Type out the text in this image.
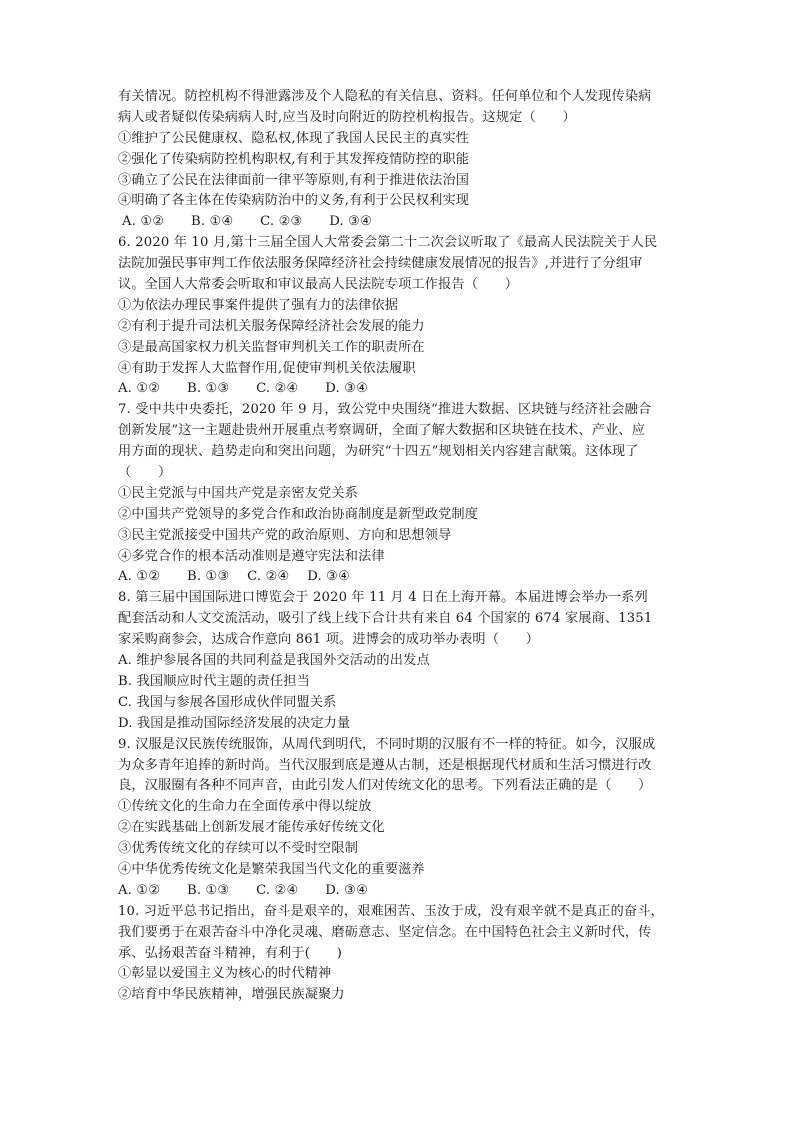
有关情况。防控机构不得泄露涉及个人隐私的有关信息、资料。任何单位和个人发现传染病
病人或者疑似传染病病人时,应当及时向附近的防控机构报告。这规定（　　）
①维护了公民健康权、隐私权,体现了我国人民民主的真实性
②强化了传染病防控机构职权,有利于其发挥疫情防控的职能
③确立了公民在法律面前一律平等原则,有利于推进依法治国
④明确了各主体在传染病防治中的义务,有利于公民权利实现
A. ①②　　B. ①④　　C. ②③　　D. ③④
6. 2020 年 10 月,第十三届全国人大常委会第二十二次会议听取了《最高人民法院关于人民
法院加强民事审判工作依法服务保障经济社会持续健康发展情况的报告》,并进行了分组审
议。全国人大常委会听取和审议最高人民法院专项工作报告（　　）
①为依法办理民事案件提供了强有力的法律依据
②有利于提升司法机关服务保障经济社会发展的能力
③是最高国家权力机关监督审判机关工作的职责所在
④有助于发挥人大监督作用,促使审判机关依法履职
A. ①②　　B. ①③　　C. ②④　　D. ③④
7. 受中共中央委托，2020 年 9 月，致公党中央围绕“推进大数据、区块链与经济社会融合
创新发展”这一主题赴贵州开展重点考察调研，全面了解大数据和区块链在技术、产业、应
用方面的现状、趋势走向和突出问题，为研究“十四五”规划相关内容建言献策。这体现了
（　　）
①民主党派与中国共产党是亲密友党关系
②中国共产党领导的多党合作和政治协商制度是新型政党制度
③民主党派接受中国共产党的政治原则、方向和思想领导
④多党合作的根本活动准则是遵守宪法和法律
A. ①②　　B. ①③　 C. ②④　 D. ③④
8. 第三届中国国际进口博览会于 2020 年 11 月 4 日在上海开幕。本届进博会举办一系列
配套活动和人文交流活动，吸引了线上线下合计共有来自 64 个国家的 674 家展商、1351
家采购商参会，达成合作意向 861 项。进博会的成功举办表明（　　）
A. 维护参展各国的共同利益是我国外交活动的出发点
B. 我国顺应时代主题的责任担当
C. 我国与参展各国形成伙伴同盟关系
D. 我国是推动国际经济发展的决定力量
9. 汉服是汉民族传统服饰，从周代到明代，不同时期的汉服有不一样的特征。如今，汉服成
为众多青年追捧的新时尚。当代汉服到底是遵从古制，还是根据现代材质和生活习惯进行改
良，汉服圈有各种不同声音，由此引发人们对传统文化的思考。下列看法正确的是（　　）
①传统文化的生命力在全面传承中得以绽放
②在实践基础上创新发展才能传承好传统文化
③优秀传统文化的存续可以不受时空限制
④中华优秀传统文化是繁荣我国当代文化的重要滋养
A. ①②　　B. ①③　　C. ②④　　D. ③④
10. 习近平总书记指出，奋斗是艰辛的，艰难困苦、玉汝于成，没有艰辛就不是真正的奋斗，
我们要勇于在艰苦奋斗中净化灵魂、磨砺意志、坚定信念。在中国特色社会主义新时代，传
承、弘扬艰苦奋斗精神，有利于(　　)
①彰显以爱国主义为核心的时代精神
②培育中华民族精神，增强民族凝聚力
